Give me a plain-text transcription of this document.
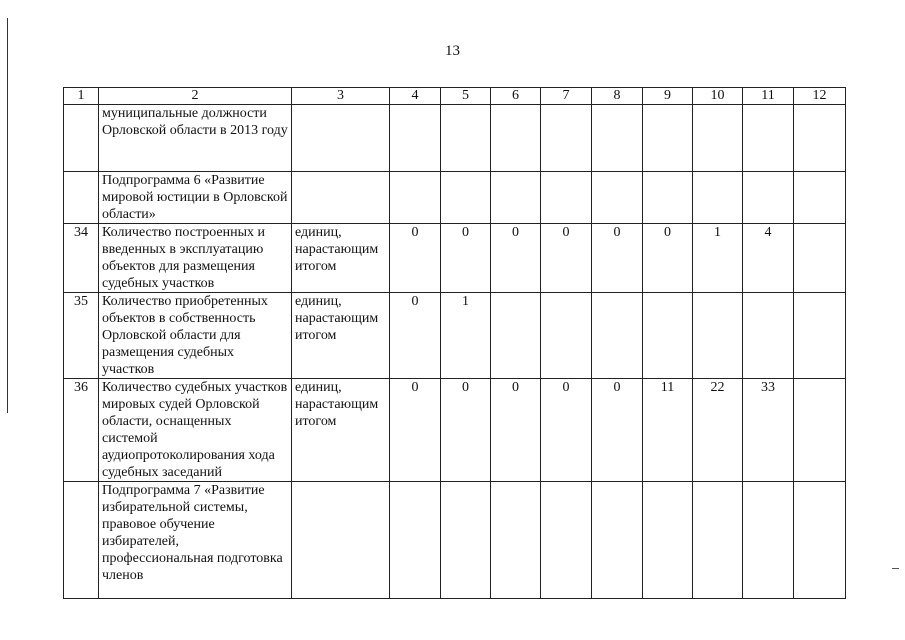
13
1	2	3	4	5	6	7	8	9	10	11	12
	муниципальные должности Орловской области в 2013 году										
	Подпрограмма 6 «Развитие мировой юстиции в Орловской области»										
34	Количество построенных и введенных в эксплуатацию объектов для размещения судебных участков	единиц, нарастающим итогом	0	0	0	0	0	0	1	4	
35	Количество приобретенных объектов в собственность Орловской области для размещения судебных участков	единиц, нарастающим итогом	0	1							
36	Количество судебных участков мировых судей Орловской области, оснащенных системой аудиопротоколирования хода судебных заседаний	единиц, нарастающим итогом	0	0	0	0	0	11	22	33	
	Подпрограмма 7 «Развитие избирательной системы, правовое обучение избирателей, профессиональная подготовка членов										
